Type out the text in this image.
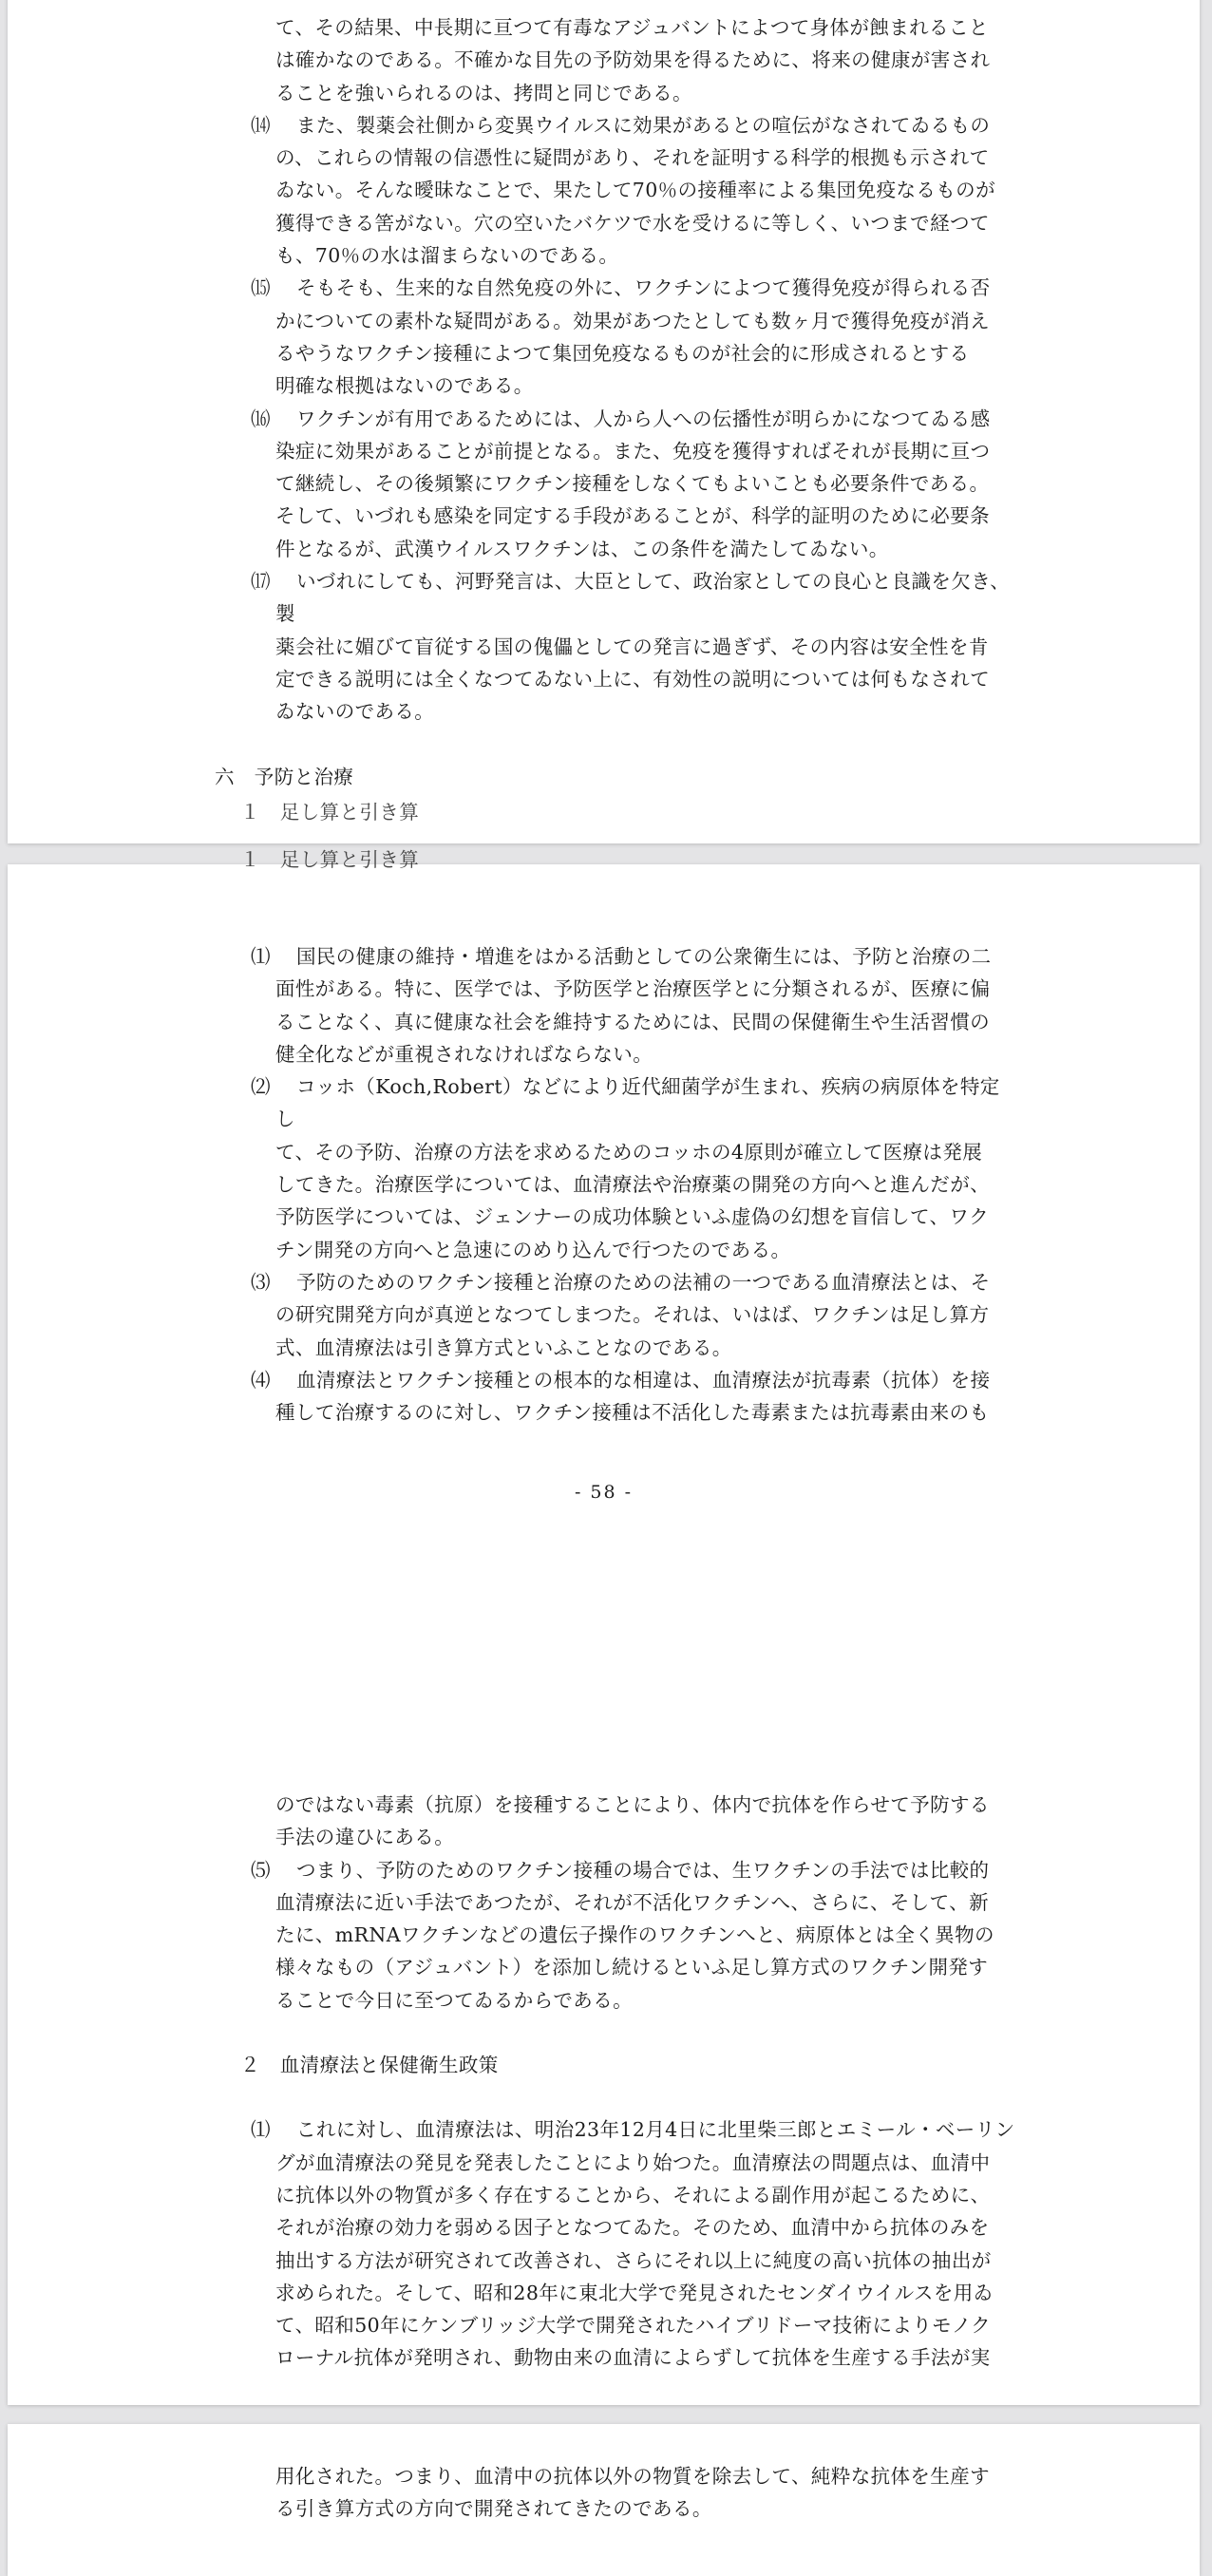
て、その結果、中長期に亘つて有毒なアジュバントによつて身体が蝕まれること

は確かなのである。不確かな目先の予防効果を得るために、将来の健康が害され

ることを強いられるのは、拷問と同じである。

⒁	また、製薬会社側から変異ウイルスに効果があるとの喧伝がなされてゐるもの
の、これらの情報の信憑性に疑問があり、それを証明する科学的根拠も示されて
ゐない。そんな曖昧なことで、果たして70％の接種率による集団免疫なるものが
獲得できる筈がない。穴の空いたバケツで水を受けるに等しく、いつまで経つて
も、70％の水は溜まらないのである。
⒂	そもそも、生来的な自然免疫の外に、ワクチンによつて獲得免疫が得られる否
かについての素朴な疑問がある。効果があつたとしても数ヶ月で獲得免疫が消え
るやうなワクチン接種によつて集団免疫なるものが社会的に形成されるとする
明確な根拠はないのである。
⒃	ワクチンが有用であるためには、人から人への伝播性が明らかになつてゐる感
染症に効果があることが前提となる。また、免疫を獲得すればそれが長期に亘つ
て継続し、その後頻繁にワクチン接種をしなくてもよいことも必要条件である。
そして、いづれも感染を同定する手段があることが、科学的証明のために必要条
件となるが、武漢ウイルスワクチンは、この条件を満たしてゐない。
⒄	いづれにしても、河野発言は、大臣として、政治家としての良心と良識を欠き、製
薬会社に媚びて盲従する国の傀儡としての発言に過ぎず、その内容は安全性を肯
定できる説明には全くなつてゐない上に、有効性の説明については何もなされて
ゐないのである。

六　予防と治療

１　足し算と引き算

１　足し算と引き算

⑴	国民の健康の維持・増進をはかる活動としての公衆衛生には、予防と治療の二
面性がある。特に、医学では、予防医学と治療医学とに分類されるが、医療に偏
ることなく、真に健康な社会を維持するためには、民間の保健衛生や生活習慣の
健全化などが重視されなければならない。
⑵	コッホ（Koch,Robert）などにより近代細菌学が生まれ、疾病の病原体を特定し
て、その予防、治療の方法を求めるためのコッホの4原則が確立して医療は発展
してきた。治療医学については、血清療法や治療薬の開発の方向へと進んだが、
予防医学については、ジェンナーの成功体験といふ虚偽の幻想を盲信して、ワク
チン開発の方向へと急速にのめり込んで行つたのである。
⑶	予防のためのワクチン接種と治療のための法補の一つである血清療法とは、そ
の研究開発方向が真逆となつてしまつた。それは、いはば、ワクチンは足し算方
式、血清療法は引き算方式といふことなのである。
⑷	血清療法とワクチン接種との根本的な相違は、血清療法が抗毒素（抗体）を接
種して治療するのに対し、ワクチン接種は不活化した毒素または抗毒素由来のも
- 58 -

のではない毒素（抗原）を接種することにより、体内で抗体を作らせて予防する

手法の違ひにある。

⑸	つまり、予防のためのワクチン接種の場合では、生ワクチンの手法では比較的
血清療法に近い手法であつたが、それが不活化ワクチンへ、さらに、そして、新
たに、mRNAワクチンなどの遺伝子操作のワクチンへと、病原体とは全く異物の
様々なもの（アジュバント）を添加し続けるといふ足し算方式のワクチン開発す
ることで今日に至つてゐるからである。

２　血清療法と保健衛生政策

⑴	これに対し、血清療法は、明治23年12月4日に北里柴三郎とエミール・ベーリン
グが血清療法の発見を発表したことにより始つた。血清療法の問題点は、血清中
に抗体以外の物質が多く存在することから、それによる副作用が起こるために、
それが治療の効力を弱める因子となつてゐた。そのため、血清中から抗体のみを
抽出する方法が研究されて改善され、さらにそれ以上に純度の高い抗体の抽出が
求められた。そして、昭和28年に東北大学で発見されたセンダイウイルスを用ゐ
て、昭和50年にケンブリッジ大学で開発されたハイブリドーマ技術によりモノク
ローナル抗体が発明され、動物由来の血清によらずして抗体を生産する手法が実

用化された。つまり、血清中の抗体以外の物質を除去して、純粋な抗体を生産す

る引き算方式の方向で開発されてきたのである。
